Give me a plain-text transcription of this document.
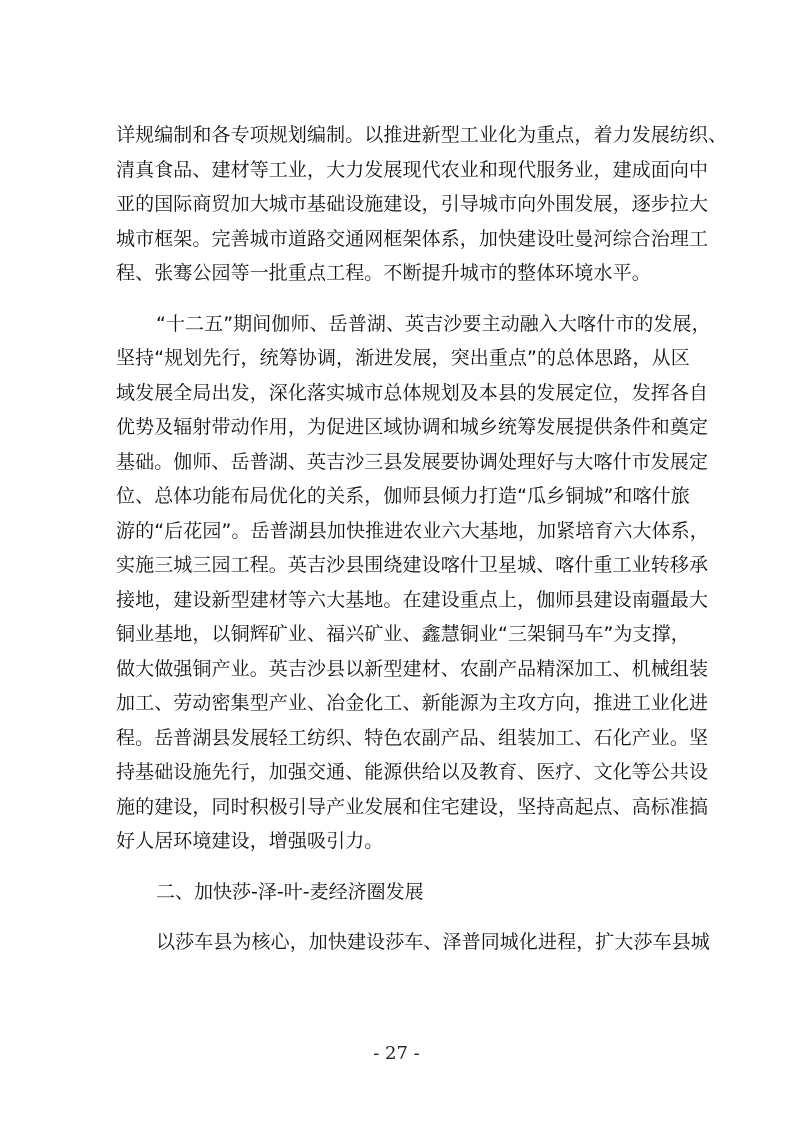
详规编制和各专项规划编制。以推进新型工业化为重点，着力发展纺织、
清真食品、建材等工业，大力发展现代农业和现代服务业，建成面向中
亚的国际商贸加大城市基础设施建设，引导城市向外围发展，逐步拉大
城市框架。完善城市道路交通网框架体系，加快建设吐曼河综合治理工
程、张骞公园等一批重点工程。不断提升城市的整体环境水平。
“十二五”期间伽师、岳普湖、英吉沙要主动融入大喀什市的发展，
坚持“规划先行，统筹协调，渐进发展，突出重点”的总体思路，从区
域发展全局出发，深化落实城市总体规划及本县的发展定位，发挥各自
优势及辐射带动作用，为促进区域协调和城乡统筹发展提供条件和奠定
基础。伽师、岳普湖、英吉沙三县发展要协调处理好与大喀什市发展定
位、总体功能布局优化的关系，伽师县倾力打造“瓜乡铜城”和喀什旅
游的“后花园”。岳普湖县加快推进农业六大基地，加紧培育六大体系，
实施三城三园工程。英吉沙县围绕建设喀什卫星城、喀什重工业转移承
接地，建设新型建材等六大基地。在建设重点上，伽师县建设南疆最大
铜业基地，以铜辉矿业、福兴矿业、鑫慧铜业“三架铜马车”为支撑，
做大做强铜产业。英吉沙县以新型建材、农副产品精深加工、机械组装
加工、劳动密集型产业、冶金化工、新能源为主攻方向，推进工业化进
程。岳普湖县发展轻工纺织、特色农副产品、组装加工、石化产业。坚
持基础设施先行，加强交通、能源供给以及教育、医疗、文化等公共设
施的建设，同时积极引导产业发展和住宅建设，坚持高起点、高标准搞
好人居环境建设，增强吸引力。
二、加快莎-泽-叶-麦经济圈发展
以莎车县为核心，加快建设莎车、泽普同城化进程，扩大莎车县城
- 27 -
